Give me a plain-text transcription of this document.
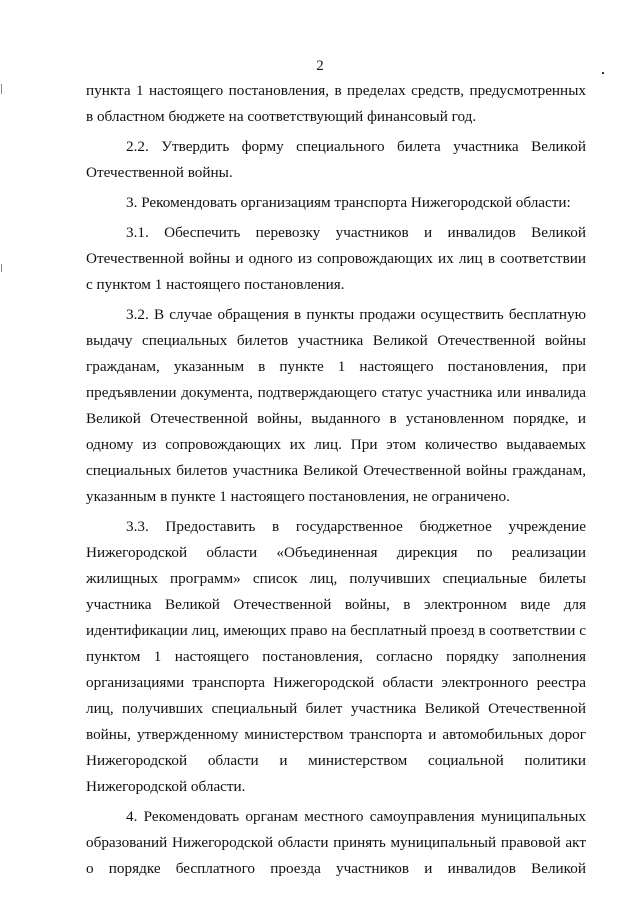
2

пункта 1 настоящего постановления, в пределах средств, предусмотренных
в областном бюджете на соответствующий финансовый год.

2.2. Утвердить форму специального билета участника Великой
Отечественной войны.

3. Рекомендовать организациям транспорта Нижегородской области:

3.1. Обеспечить перевозку участников и инвалидов Великой
Отечественной войны и одного из сопровождающих их лиц в соответствии
с пунктом 1 настоящего постановления.

3.2. В случае обращения в пункты продажи осуществить бесплатную
выдачу специальных билетов участника Великой Отечественной войны
гражданам, указанным в пункте 1 настоящего постановления, при
предъявлении документа, подтверждающего статус участника или инвалида
Великой Отечественной войны, выданного в установленном порядке, и
одному из сопровождающих их лиц. При этом количество выдаваемых
специальных билетов участника Великой Отечественной войны гражданам,
указанным в пункте 1 настоящего постановления, не ограничено.

3.3. Предоставить в государственное бюджетное учреждение
Нижегородской области «Объединенная дирекция по реализации
жилищных программ» список лиц, получивших специальные билеты
участника Великой Отечественной войны, в электронном виде для
идентификации лиц, имеющих право на бесплатный проезд в соответствии с
пунктом 1 настоящего постановления, согласно порядку заполнения
организациями транспорта Нижегородской области электронного реестра
лиц, получивших специальный билет участника Великой Отечественной
войны, утвержденному министерством транспорта и автомобильных дорог
Нижегородской области и министерством социальной политики
Нижегородской области.

4. Рекомендовать органам местного самоуправления муниципальных
образований Нижегородской области принять муниципальный правовой акт
о порядке бесплатного проезда участников и инвалидов Великой
